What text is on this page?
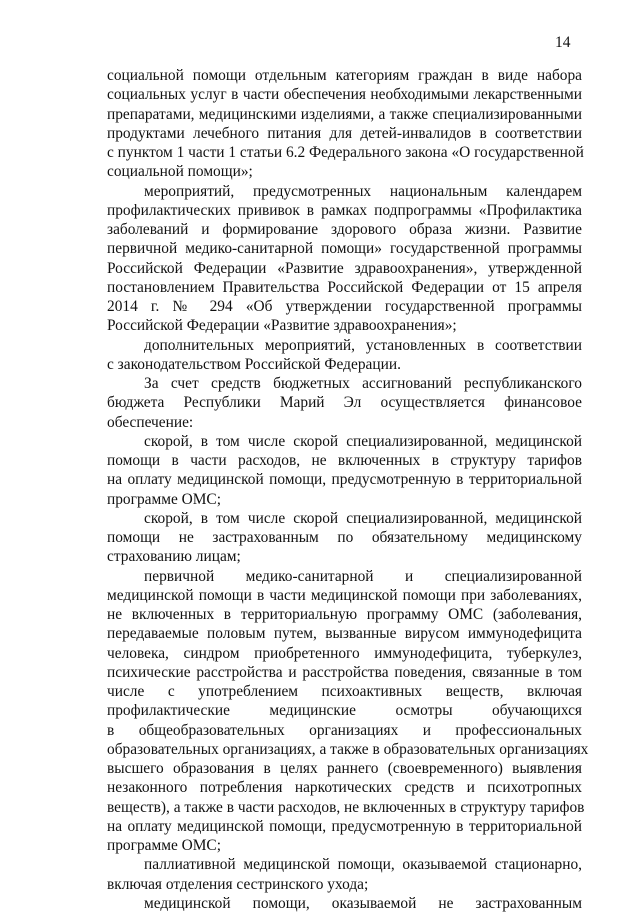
14
социальной помощи отдельным категориям граждан в виде набора
социальных услуг в части обеспечения необходимыми лекарственными
препаратами, медицинскими изделиями, а также специализированными
продуктами лечебного питания для детей-инвалидов в соответствии
с пунктом 1 части 1 статьи 6.2 Федерального закона «О государственной
социальной помощи»;
мероприятий, предусмотренных национальным календарем
профилактических прививок в рамках подпрограммы «Профилактика
заболеваний и формирование здорового образа жизни. Развитие
первичной медико-санитарной помощи» государственной программы
Российской Федерации «Развитие здравоохранения», утвержденной
постановлением Правительства Российской Федерации от 15 апреля
2014 г. № 294 «Об утверждении государственной программы
Российской Федерации «Развитие здравоохранения»;
дополнительных мероприятий, установленных в соответствии
с законодательством Российской Федерации.
За счет средств бюджетных ассигнований республиканского
бюджета Республики Марий Эл осуществляется финансовое
обеспечение:
скорой, в том числе скорой специализированной, медицинской
помощи в части расходов, не включенных в структуру тарифов
на оплату медицинской помощи, предусмотренную в территориальной
программе ОМС;
скорой, в том числе скорой специализированной, медицинской
помощи не застрахованным по обязательному медицинскому
страхованию лицам;
первичной медико-санитарной и специализированной
медицинской помощи в части медицинской помощи при заболеваниях,
не включенных в территориальную программу ОМС (заболевания,
передаваемые половым путем, вызванные вирусом иммунодефицита
человека, синдром приобретенного иммунодефицита, туберкулез,
психические расстройства и расстройства поведения, связанные в том
числе с употреблением психоактивных веществ, включая
профилактические медицинские осмотры обучающихся
в общеобразовательных организациях и профессиональных
образовательных организациях, а также в образовательных организациях
высшего образования в целях раннего (своевременного) выявления
незаконного потребления наркотических средств и психотропных
веществ), а также в части расходов, не включенных в структуру тарифов
на оплату медицинской помощи, предусмотренную в территориальной
программе ОМС;
паллиативной медицинской помощи, оказываемой стационарно,
включая отделения сестринского ухода;
медицинской помощи, оказываемой не застрахованным
